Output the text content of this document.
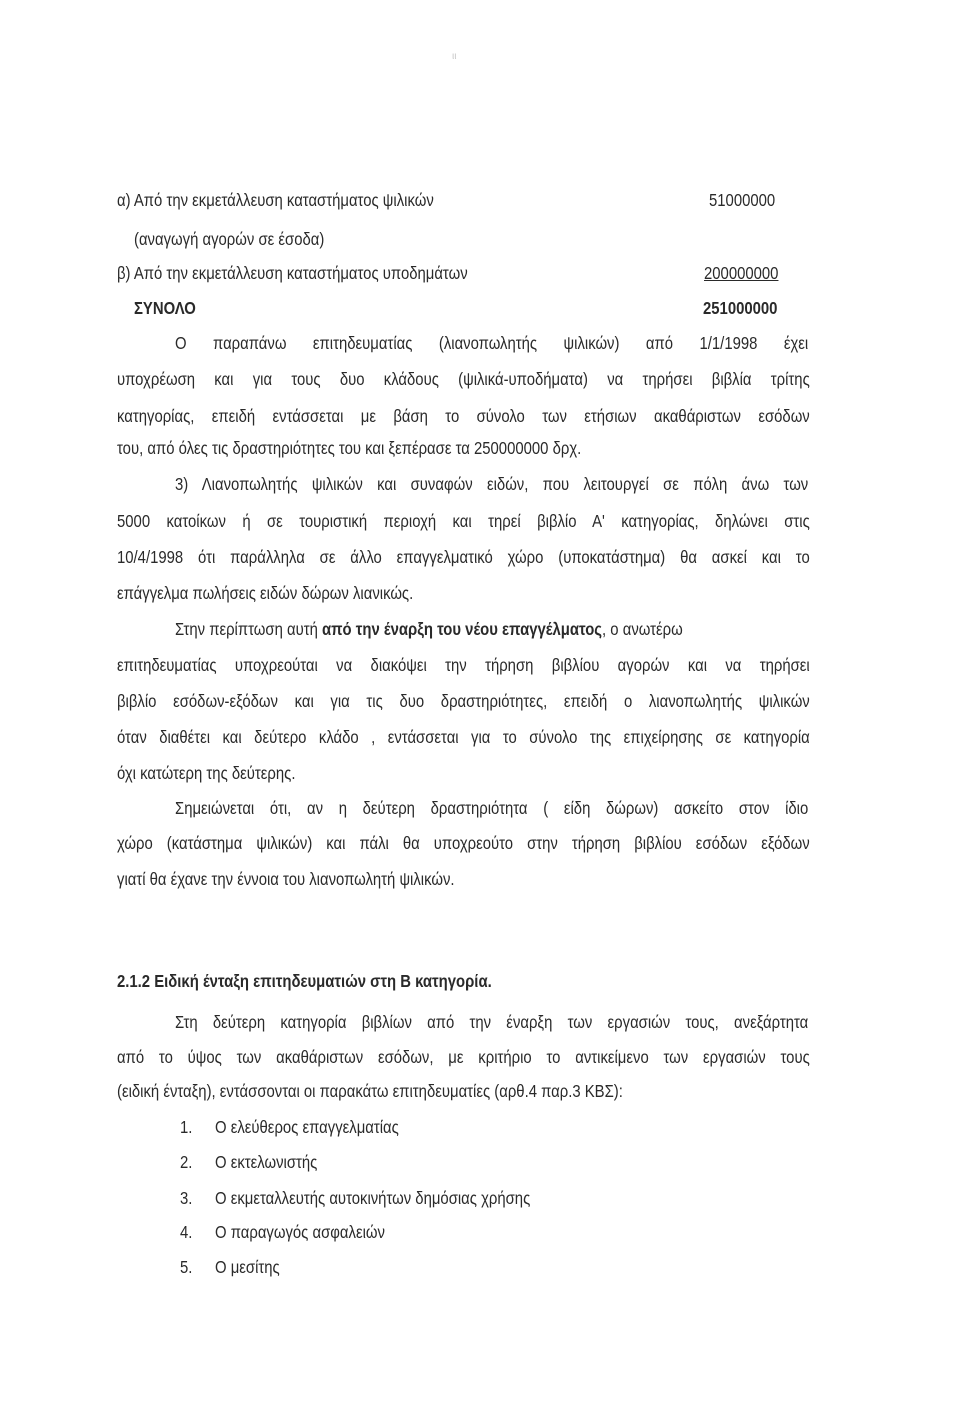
ιι
α) Από την εκμετάλλευση καταστήματος ψιλικών	51000000
(αναγωγή αγορών σε έσοδα)
β) Από την εκμετάλλευση καταστήματος υποδημάτων	200000000
ΣΥΝΟΛΟ	251000000
Ο παραπάνω επιτηδευματίας (λιανοπωλητής ψιλικών) από 1/1/1998 έχει
υποχρέωση και για τους δυο κλάδους (ψιλικά-υποδήματα) να τηρήσει βιβλία τρίτης
κατηγορίας, επειδή εντάσσεται με βάση το σύνολο των ετήσιων ακαθάριστων εσόδων
του, από όλες τις δραστηριότητες του και ξεπέρασε τα 250000000 δρχ.
3) Λιανοπωλητής ψιλικών και συναφών ειδών, που λειτουργεί σε πόλη άνω των
5000 κατοίκων ή σε τουριστική περιοχή και τηρεί βιβλίο Α' κατηγορίας, δηλώνει στις
10/4/1998 ότι παράλληλα σε άλλο επαγγελματικό χώρο (υποκατάστημα) θα ασκεί και το
επάγγελμα πωλήσεις ειδών δώρων λιανικώς.
Στην περίπτωση αυτή από την έναρξη του νέου επαγγέλματος, ο ανωτέρω
επιτηδευματίας υποχρεούται να διακόψει την τήρηση βιβλίου αγορών και να τηρήσει
βιβλίο εσόδων-εξόδων και για τις δυο δραστηριότητες, επειδή ο λιανοπωλητής ψιλικών
όταν διαθέτει και δεύτερο κλάδο , εντάσσεται για το σύνολο της επιχείρησης σε κατηγορία
όχι κατώτερη της δεύτερης.
Σημειώνεται ότι, αν η δεύτερη δραστηριότητα ( είδη δώρων) ασκείτο στον ίδιο
χώρο (κατάστημα ψιλικών) και πάλι θα υποχρεούτο στην τήρηση βιβλίου εσόδων εξόδων
γιατί θα έχανε την έννοια του λιανοπωλητή ψιλικών.
2.1.2 Ειδική ένταξη επιτηδευματιών στη Β κατηγορία.
Στη δεύτερη κατηγορία βιβλίων από την έναρξη των εργασιών τους, ανεξάρτητα
από το ύψος των ακαθάριστων εσόδων, με κριτήριο το αντικείμενο των εργασιών τους
(ειδική ένταξη), εντάσσονται οι παρακάτω επιτηδευματίες (αρθ.4 παρ.3 ΚΒΣ):
1. Ο ελεύθερος επαγγελματίας
2. Ο εκτελωνιστής
3. Ο εκμεταλλευτής αυτοκινήτων δημόσιας χρήσης
4. Ο παραγωγός ασφαλειών
5. Ο μεσίτης
